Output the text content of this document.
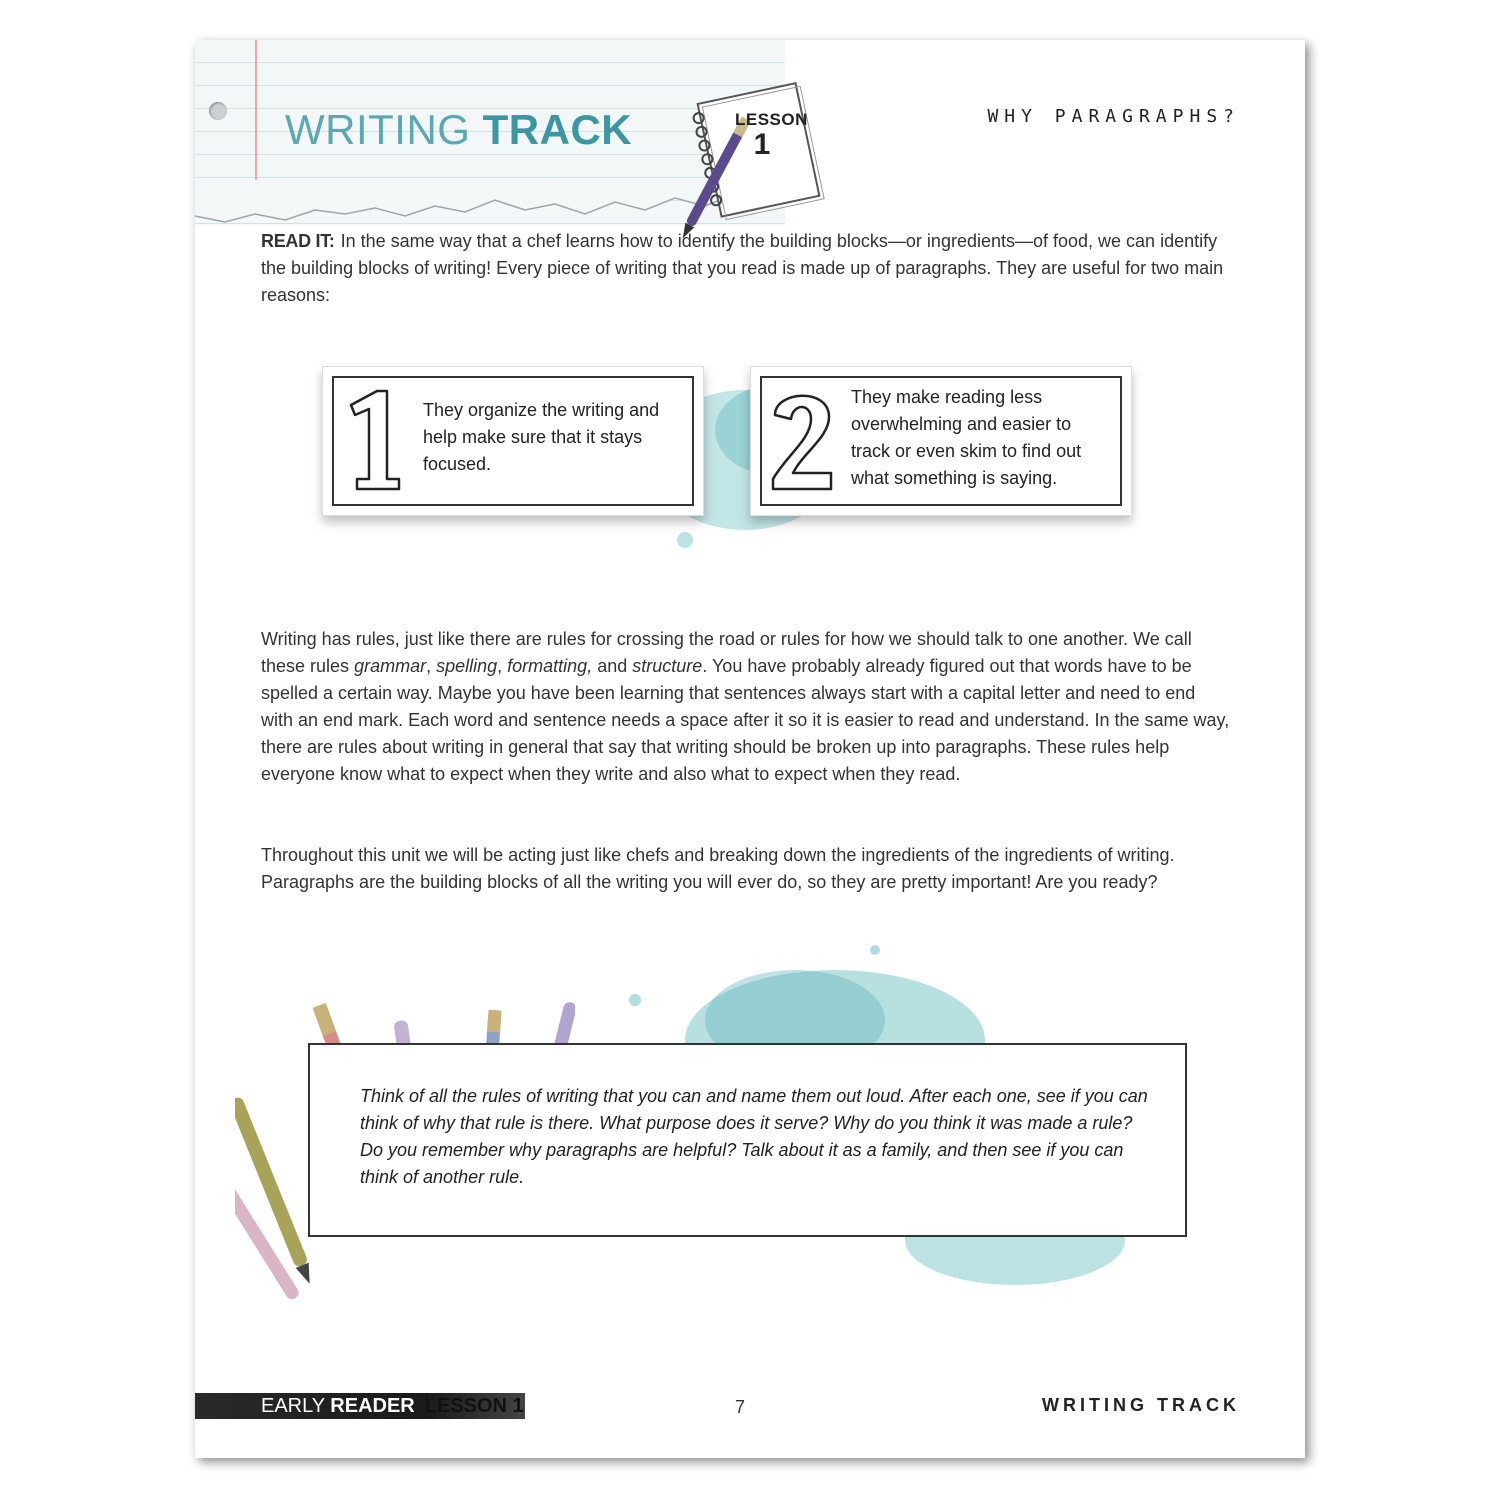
WRITING TRACK	LESSON
1
WHY PARAGRAPHS?
READ IT: In the same way that a chef learns how to identify the building blocks—or ingredients—of food, we can identify the building blocks of writing! Every piece of writing that you read is made up of paragraphs. They are useful for two main reasons:
They organize the writing and help make sure that it stays focused.
They make reading less overwhelming and easier to track or even skim to find out what something is saying.
Writing has rules, just like there are rules for crossing the road or rules for how we should talk to one another. We call these rules grammar, spelling, formatting, and structure. You have probably already figured out that words have to be spelled a certain way. Maybe you have been learning that sentences always start with a capital letter and need to end with an end mark. Each word and sentence needs a space after it so it is easier to read and understand. In the same way, there are rules about writing in general that say that writing should be broken up into paragraphs. These rules help everyone know what to expect when they write and also what to expect when they read.
Throughout this unit we will be acting just like chefs and breaking down the ingredients of the ingredients of writing. Paragraphs are the building blocks of all the writing you will ever do, so they are pretty important! Are you ready?
Think of all the rules of writing that you can and name them out loud. After each one, see if you can think of why that rule is there. What purpose does it serve? Why do you think it was made a rule? Do you remember why paragraphs are helpful? Talk about it as a family, and then see if you can think of another rule.
EARLY READER LESSON 1	7	WRITING TRACK
